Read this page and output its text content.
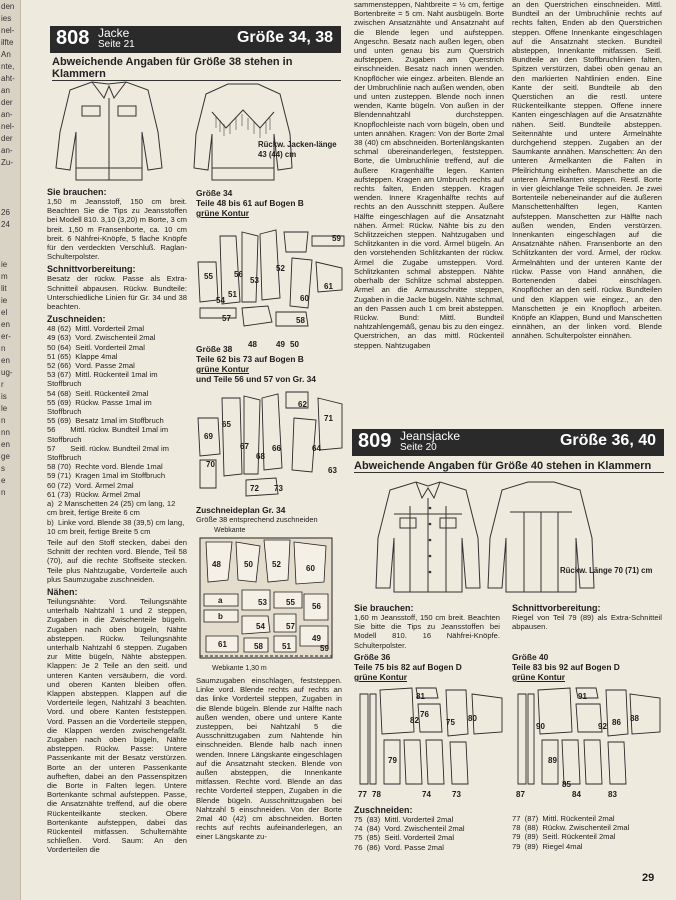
den
ies
nel-
ilfte
An
nte,
aht-
an
der
an-
nel-
der
an-
Zu-
26
24
ie
m
lit
ie
el
en
er-
n
en
ug-
r
is
le
n
nn
en
ge
s
e
n
808 Jacke
Seite 21	Größe 34, 38
Abweichende Angaben für Größe 38 stehen in Klammern
Rückw. Jacken-länge 43 (44) cm
Sie brauchen:

1,50 m Jeansstoff, 150 cm breit. Beachten Sie die Tips zu Jeansstoffen bei Modell 810. 3,10 (3,20) m Borte, 3 cm breit. 1,50 m Fransenborte, ca. 10 cm breit. 6 Nähfrei-Knöpfe, 5 flache Knöpfe für den verdeckten Verschluß. Raglan-Schulterpolster.

Schnittvorbereitung:

Besatz der rückw. Passe als Extra-Schnitteil abpausen. Rückw. Bundteile: Unterschiedliche Linien für Gr. 34 und 38 beachten.

Zuschneiden:
48 (62)  Mittl. Vorderteil 2mal
49 (63)  Vord. Zwischenteil 2mal
50 (64)  Seitl. Vorderteil 2mal
51 (65)  Klappe 4mal
52 (66)  Vord. Passe 2mal
53 (67)  Mittl. Rückenteil 1mal im Stoffbruch
54 (68)  Seitl. Rückenteil 2mal
55 (69)  Rückw. Passe 1mal im Stoffbruch
55 (69)  Besatz 1mal im Stoffbruch
56       Mittl. rückw. Bundteil 1mal im Stoffbruch
57       Seitl. rückw. Bundteil 2mal im Stoffbruch
58 (70)  Rechte vord. Blende 1mal
59 (71)  Kragen 1mal im Stoffbruch
60 (72)  Vord. Ärmel 2mal
61 (73)  Rückw. Ärmel 2mal
a)  2 Manschetten 24 (25) cm lang, 12 cm breit, fertige Breite 6 cm
b)  Linke vord. Blende 38 (39,5) cm lang, 10 cm breit, fertige Breite 5 cm

Teile auf den Stoff stecken, dabei den Schnitt der rechten vord. Blende, Teil 58 (70), auf die rechte Stoffseite stecken. Teile plus Nahtzugabe, Vorderteile auch plus Saumzugabe zuschneiden.

Nähen:

Teilungsnähte: Vord. Teilungsnähte unterhalb Nahtzahl 1 und 2 steppen, Zugaben in die Zwischenteile bügeln. Zugaben nach oben bügeln, Nähte absteppen. Rückw. Teilungsnähte unterhalb Nahtzahl 6 steppen. Zugaben zur Mitte bügeln, Nähte absteppen. Klappen: Je 2 Teile an den seitl. und unteren Kanten versäubern, die vord. und oberen Kanten bleiben offen. Klappen absteppen. Klappen auf die Vorderteile legen, Nahtzahl 3 beachten. Vord. und obere Kanten feststeppen. Vord. Passen an die Vorderteile steppen, die Klappen werden zwischengefaßt. Zugaben nach oben bügeln, Nähte absteppen. Rückw. Passe: Untere Passenkante mit der Besatz verstürzen. Borte an der unteren Passenkante aufheften, dabei an den Passenspitzen die Borte in Falten legen. Untere Bortenkante schmal aufsteppen. Passe, die Ansatznähte treffend, auf die obere Rückenteilkante stecken. Obere Bortenkante aufsteppen, dabei das Rückenteil mitfassen. Schulternähte schließen. Vord. Saum: An den Vorderteilen die

Größe 34
Teile 48 bis 61 auf Bogen B
grüne Kontur
59
55	56
53
54
51
52
57
60
61
58
50
49
48
Größe 38
Teile 62 bis 73 auf Bogen B
grüne Kontur
und Teile 56 und 57 von Gr. 34
71
69
70
65
67
68
66
62
64
63
72 73
Zuschneideplan Gr. 34
Größe 38 entsprechend zuschneiden
Webkante
Webkante 1,30 m
a
b
53 55 56
54	57
49
48	50 52	60
61	58 51	59
Saumzugaben einschlagen, feststeppen. Linke vord. Blende rechts auf rechts an das linke Vorderteil steppen, Zugaben in die Blende bügeln. Blende zur Hälfte nach außen wenden, obere und untere Kante zusteppen, bei Nahtzahl 5 die Ausschnittzugaben zum Nahtende hin einschneiden. Blende halb nach innen wenden. Innere Längskante eingeschlagen auf die Ansatznaht stecken. Blende von außen absteppen, die Innenkante mitfassen. Rechte vord. Blende an das rechte Vorderteil steppen, Zugaben in die Blende bügeln. Ausschnittzugaben bei Nahtzahl 5 einschneiden. Von der Borte 2mal 40 (42) cm abschneiden. Borten rechts auf rechts aufeinanderlegen, an einer Längskante zu-
sammensteppen, Nahtbreite = ½ cm, fertige Bortenbreite = 5 cm. Naht ausbügeln. Borte zwischen Ansatznähte und Ansatznaht auf die Blende legen und aufsteppen. Angeschn. Besatz nach außen legen, oben und unten genau bis zum Querstrich aufsteppen. Zugaben am Querstrich einschneiden. Besatz nach innen wenden. Knopflöcher wie eingez. arbeiten. Blende an der Umbruchlinie nach außen wenden, oben und unten zusteppen. Blende noch innen wenden, Kante bügeln. Von außen in der Blendennahtzahl durchsteppen. Knopflochleiste nach vorn bügeln, oben und unten annähen. Kragen: Von der Borte 2mal 38 (40) cm abschneiden. Bortenlängskanten schmal übereinanderlegen, feststeppen. Borte, die Umbruchlinie treffend, auf die äußere Kragenhälfte legen. Kanten aufsteppen. Kragen am Umbruch rechts auf rechts falten, Enden steppen. Kragen wenden. Innere Kragenhälfte rechts auf rechts an den Ausschnitt steppen. Äußere Hälfte eingeschlagen auf die Ansatznaht nähen. Ärmel: Rückw. Nähte bis zu den Schlitzzeichen steppen. Nahtzugaben und Schlitzkanten in die vord. Ärmel bügeln. An den vorstehenden Schlitzkanten der rückw. Ärmel die Zugabe umsteppen. Vord. Schlitzkanten schmal absteppen. Nähte oberhalb der Schlitze schmal absteppen. Ärmel an die Armausschnitte steppen, Zugaben in die Jacke bügeln. Nähte schmal, an den Passen auch 1 cm breit absteppen. Rückw. Bund: Mittl. Bundteil nahtzahlengemäß, genau bis zu den eingez. Querstrichen, an das mittl. Rückenteil steppen. Nahtzugaben
an den Querstrichen einschneiden. Mittl. Bundteil an der Umbruchlinie rechts auf rechts falten, Enden ab den Querstrichen steppen. Offene Innenkante eingeschlagen auf die Ansatznaht stecken. Bundteil absteppen, Innenkante mitfassen. Seitl. Bundteile an den Stoffbruchlinien falten, Spitzen verstürzen, dabei oben genau an den markierten Nahtlinien enden. Eine Kante der seitl. Bundteile ab den Querstichen an die restl. untere Rückenteilkante steppen. Offene innere Kanten eingeschlagen auf die Ansatznähte nähen. Seitl. Bundteile absteppen. Seitennähte und untere Ärmelnähte durchgehend steppen. Zugaben an der Saumkante annähen. Manschetten: An den unteren Ärmelkanten die Falten in Pfeilrichtung einheften. Manschette an die unteren Ärmelkanten steppen. Restl. Borte in vier gleichlange Teile schneiden. Je zwei Bortenteile nebeneinander auf die äußeren Manschettenhälften legen, Kanten aufsteppen. Manschetten zur Hälfte nach außen wenden, Enden verstürzen. Innenkanten eingeschlagen auf die Ansatznähte nähen. Fransenborte an den Schlitzkanten der vord. Ärmel, der rückw. Ärmelnähten und der unteren Kante der rückw. Passe von Hand annähen, die Bortenenden dabei einschlagen. Knopflöcher an den seitl. rückw. Bundteilen und den Klappen wie eingez., an den Manschetten je ein Knopfloch arbeiten. Knöpfe an Klappen, Bund und Manschetten einnähen, an der linken vord. Blende annähen. Schulterpolster einnähen.
809 Jeansjacke
Seite 20	Größe 36, 40
Abweichende Angaben für Größe 40 stehen in Klammern
Rückw. Länge 70 (71) cm
Sie brauchen:

1,60 m Jeansstoff, 150 cm breit. Beachten Sie bitte die Tips zu Jeansstoffen bei Modell 810. 16 Nähfrei-Knöpfe. Schulterpolster.

Schnittvorbereitung:

Riegel von Teil 79 (89) als Extra-Schnitteil abpausen.

Größe 36
Teile 75 bis 82 auf Bogen D
grüne Kontur
81
82
76
75 80
79
77 78	74	73
Größe 40
Teile 83 bis 92 auf Bogen D
grüne Kontur
91
90	86
92
88
89
85
87	84	83
Zuschneiden:
75  (83)  Mittl. Vorderteil 2mal
74  (84)  Vord. Zwischenteil 2mal
75  (85)  Seitl. Vorderteil 2mal
76  (86)  Vord. Passe 2mal
77  (87)  Mittl. Rückenteil 2mal
78  (88)  Rückw. Zwischenteil 2mal
79  (89)  Seitl. Rückenteil 2mal
79  (89)  Riegel 4mal
29
